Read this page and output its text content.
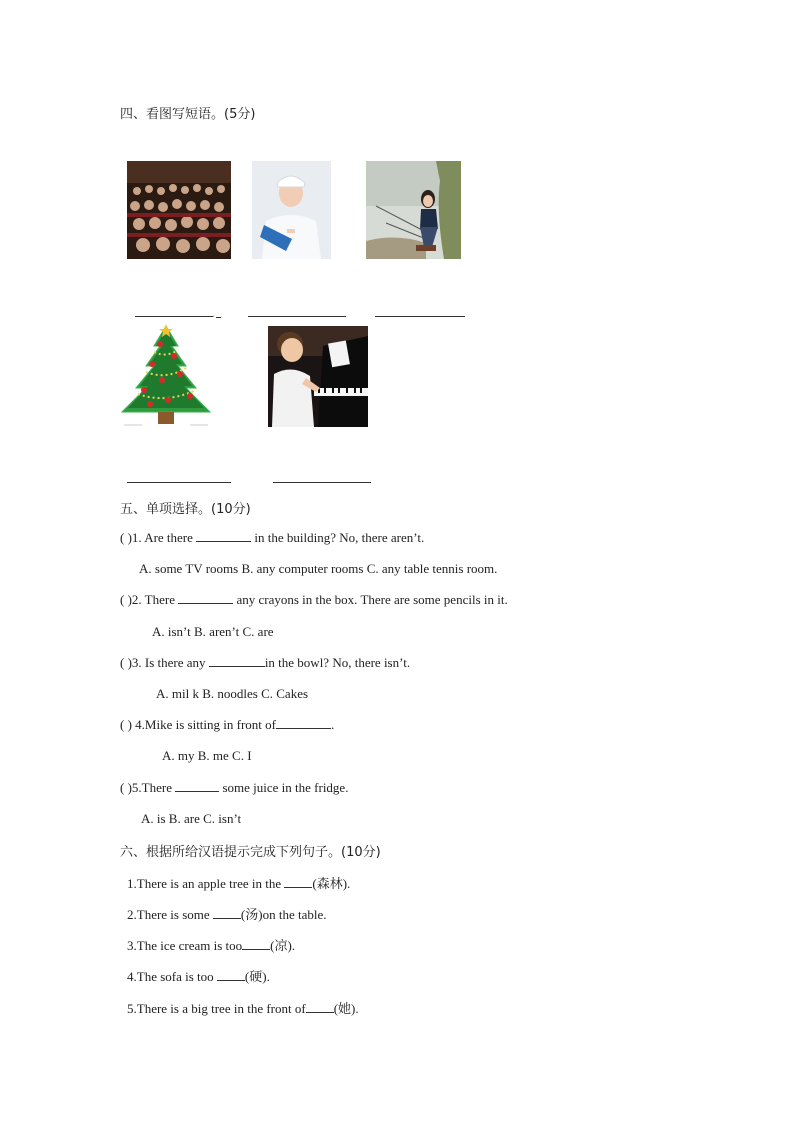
四、看图写短语。(5分)
.
五、单项选择。(10分)
( )1. Are there	in the building? No, there aren’t.
A. some TV rooms B. any computer rooms C. any table tennis room.
( )2. There	any crayons in the box. There are some pencils in it.
A. isn’t B. aren’t C. are
( )3. Is there any	in the bowl? No, there isn’t.
A. mil k B. noodles C. Cakes
( ) 4.Mike is sitting in front of	.
A. my B. me C. I
( )5.There	some juice in the fridge.
A. is B. are C. isn’t
六、根据所给汉语提示完成下列句子。(10分)
1.There is an apple tree in the (森林).
2.There is some (汤)on the table.
3.The ice cream is too (凉).
4.The sofa is too (硬).
5.There is a big tree in the front of (她).
